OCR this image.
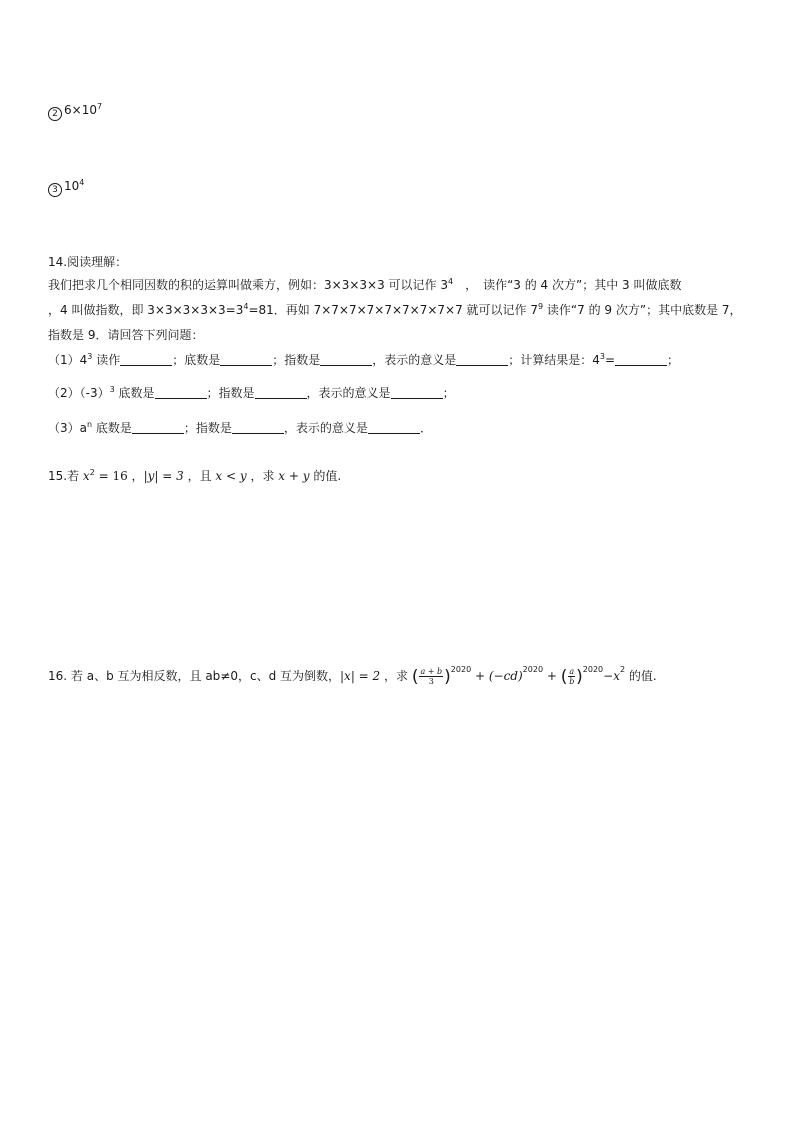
2 $6\times 10^7$
3 $10^4$
14.阅读理解：
我们把求几个相同因数的积的运算叫做乘方，例如：3×3×3×3 可以记作 $3^4$　，　读作“3 的 4 次方”；其中 3 叫做底数
，4 叫做指数，即 $3\times 3\times 3\times 3\times 3=3^4=81$．再如 7×7×7×7×7×7×7×7×7 就可以记作 $7^9$ 读作“7 的 9 次方”；其中底数是 7，
指数是 9．请回答下列问题：
$(1)4^3$ 读作	；底数是	；指数是	，表示的意义是	；计算结果是：$4^3=$	；
$(2)(-3)^3$ 底数是	；指数是	，表示的意义是	；
$(3)a^n$ 底数是	；指数是	，表示的意义是	．
15.若 $x^2 = 16$ ，|y| = 3 ，且 x < y ，求 x + y 的值.
16. 若 a、b 互为相反数，且 ab≠0，c、d 互为倒数，|x| = 2 ，求 ( $\frac{a + b}{3} )^{2020} + (-cd)^{2020}$ + ( $\frac{a}{b} )^{2020}-x^2$ 的值.
